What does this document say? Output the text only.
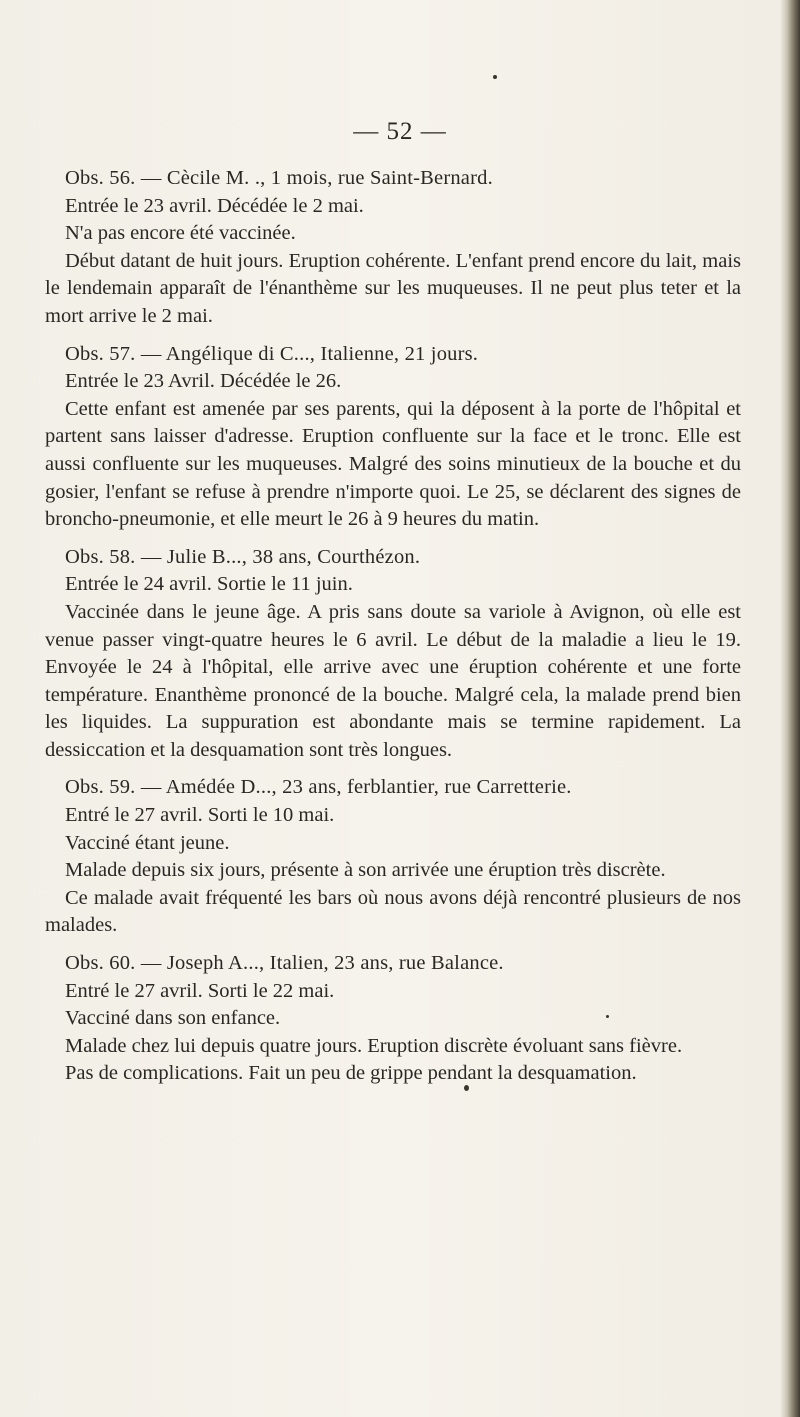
— 52 —

Obs. 56. — Cècile M. ., 1 mois, rue Saint-Bernard.

Entrée le 23 avril. Décédée le 2 mai.

N'a pas encore été vaccinée.

Début datant de huit jours. Eruption cohérente. L'enfant prend encore du lait, mais le lendemain apparaît de l'énanthème sur les muqueuses. Il ne peut plus teter et la mort arrive le 2 mai.

Obs. 57. — Angélique di C..., Italienne, 21 jours.

Entrée le 23 Avril. Décédée le 26.

Cette enfant est amenée par ses parents, qui la déposent à la porte de l'hôpital et partent sans laisser d'adresse. Eruption confluente sur la face et le tronc. Elle est aussi confluente sur les muqueuses. Malgré des soins minutieux de la bouche et du gosier, l'enfant se refuse à prendre n'importe quoi. Le 25, se déclarent des signes de broncho-pneumonie, et elle meurt le 26 à 9 heures du matin.

Obs. 58. — Julie B..., 38 ans, Courthézon.

Entrée le 24 avril. Sortie le 11 juin.

Vaccinée dans le jeune âge. A pris sans doute sa variole à Avignon, où elle est venue passer vingt-quatre heures le 6 avril. Le début de la maladie a lieu le 19. Envoyée le 24 à l'hôpital, elle arrive avec une éruption cohérente et une forte température. Enanthème prononcé de la bouche. Malgré cela, la malade prend bien les liquides. La suppuration est abondante mais se termine rapidement. La dessiccation et la desquamation sont très longues.

Obs. 59. — Amédée D..., 23 ans, ferblantier, rue Carretterie.

Entré le 27 avril. Sorti le 10 mai.

Vacciné étant jeune.

Malade depuis six jours, présente à son arrivée une éruption très discrète.

Ce malade avait fréquenté les bars où nous avons déjà rencontré plusieurs de nos malades.

Obs. 60. — Joseph A..., Italien, 23 ans, rue Balance.

Entré le 27 avril. Sorti le 22 mai.

Vacciné dans son enfance.

Malade chez lui depuis quatre jours. Eruption discrète évoluant sans fièvre.

Pas de complications. Fait un peu de grippe pendant la desquamation.
